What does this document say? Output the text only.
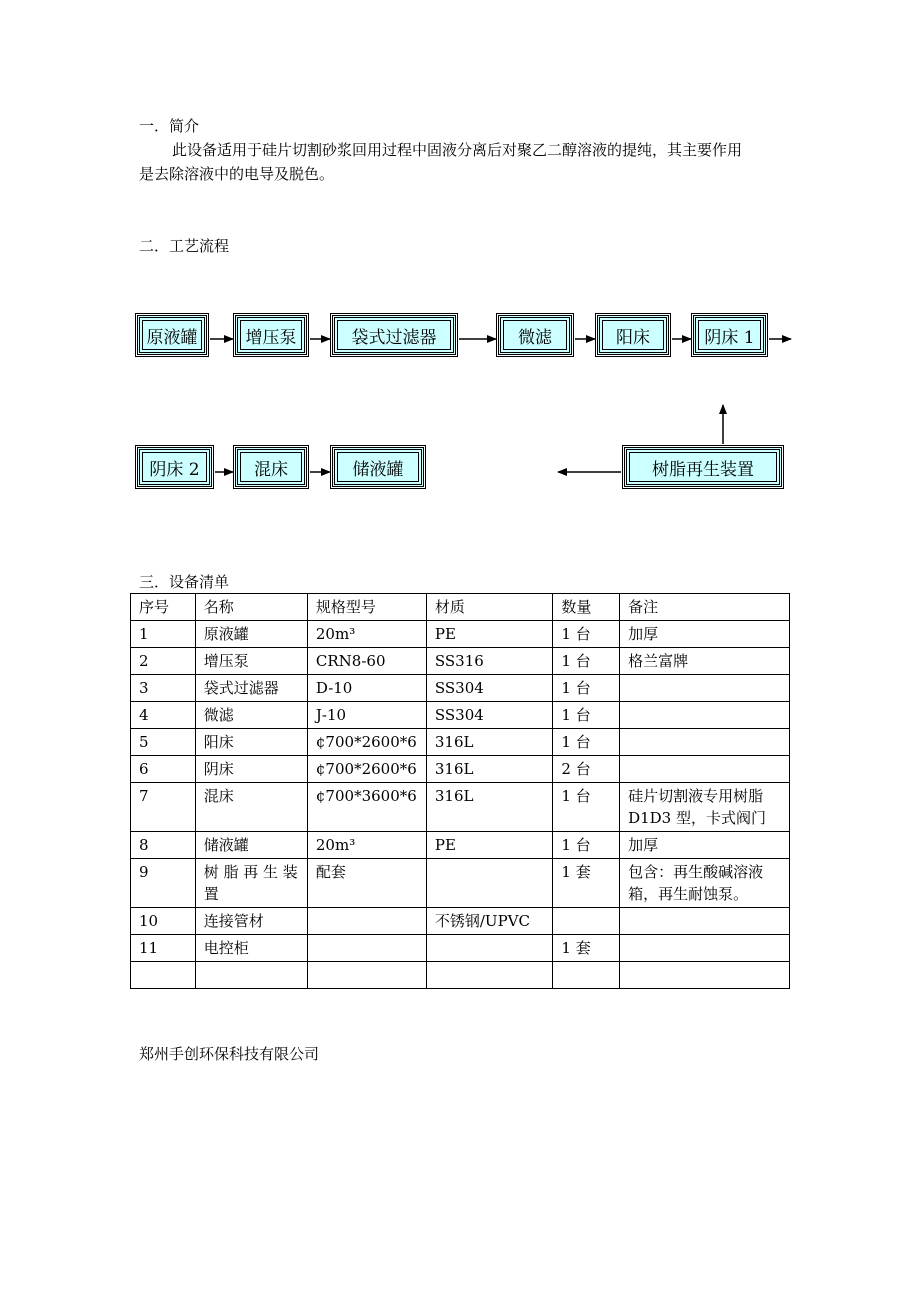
一．简介
此设备适用于硅片切割砂浆回用过程中固液分离后对聚乙二醇溶液的提纯，其主要作用
是去除溶液中的电导及脱色。
二．工艺流程
原液罐	增压泵	袋式过滤器	微滤	阳床	阴床 1
阴床 2	混床	储液罐	树脂再生装置
三．设备清单
序号	名称	规格型号	材质	数量	备注
1	原液罐	20m³	PE	1 台	加厚
2	增压泵	CRN8-60	SS316	1 台	格兰富牌
3	袋式过滤器	D-10	SS304	1 台	
4	微滤	J-10	SS304	1 台	
5	阳床	¢700*2600*6	316L	1 台	
6	阴床	¢700*2600*6	316L	2 台	
7	混床	¢700*3600*6	316L	1 台	硅片切割液专用树脂 D1D3 型，卡式阀门
8	储液罐	20m³	PE	1 台	加厚
9	树 脂 再 生 装 置	配套		1 套	包含：再生酸碱溶液箱，再生耐蚀泵。
10	连接管材		不锈钢/UPVC		
11	电控柜			1 套	

郑州手创环保科技有限公司
